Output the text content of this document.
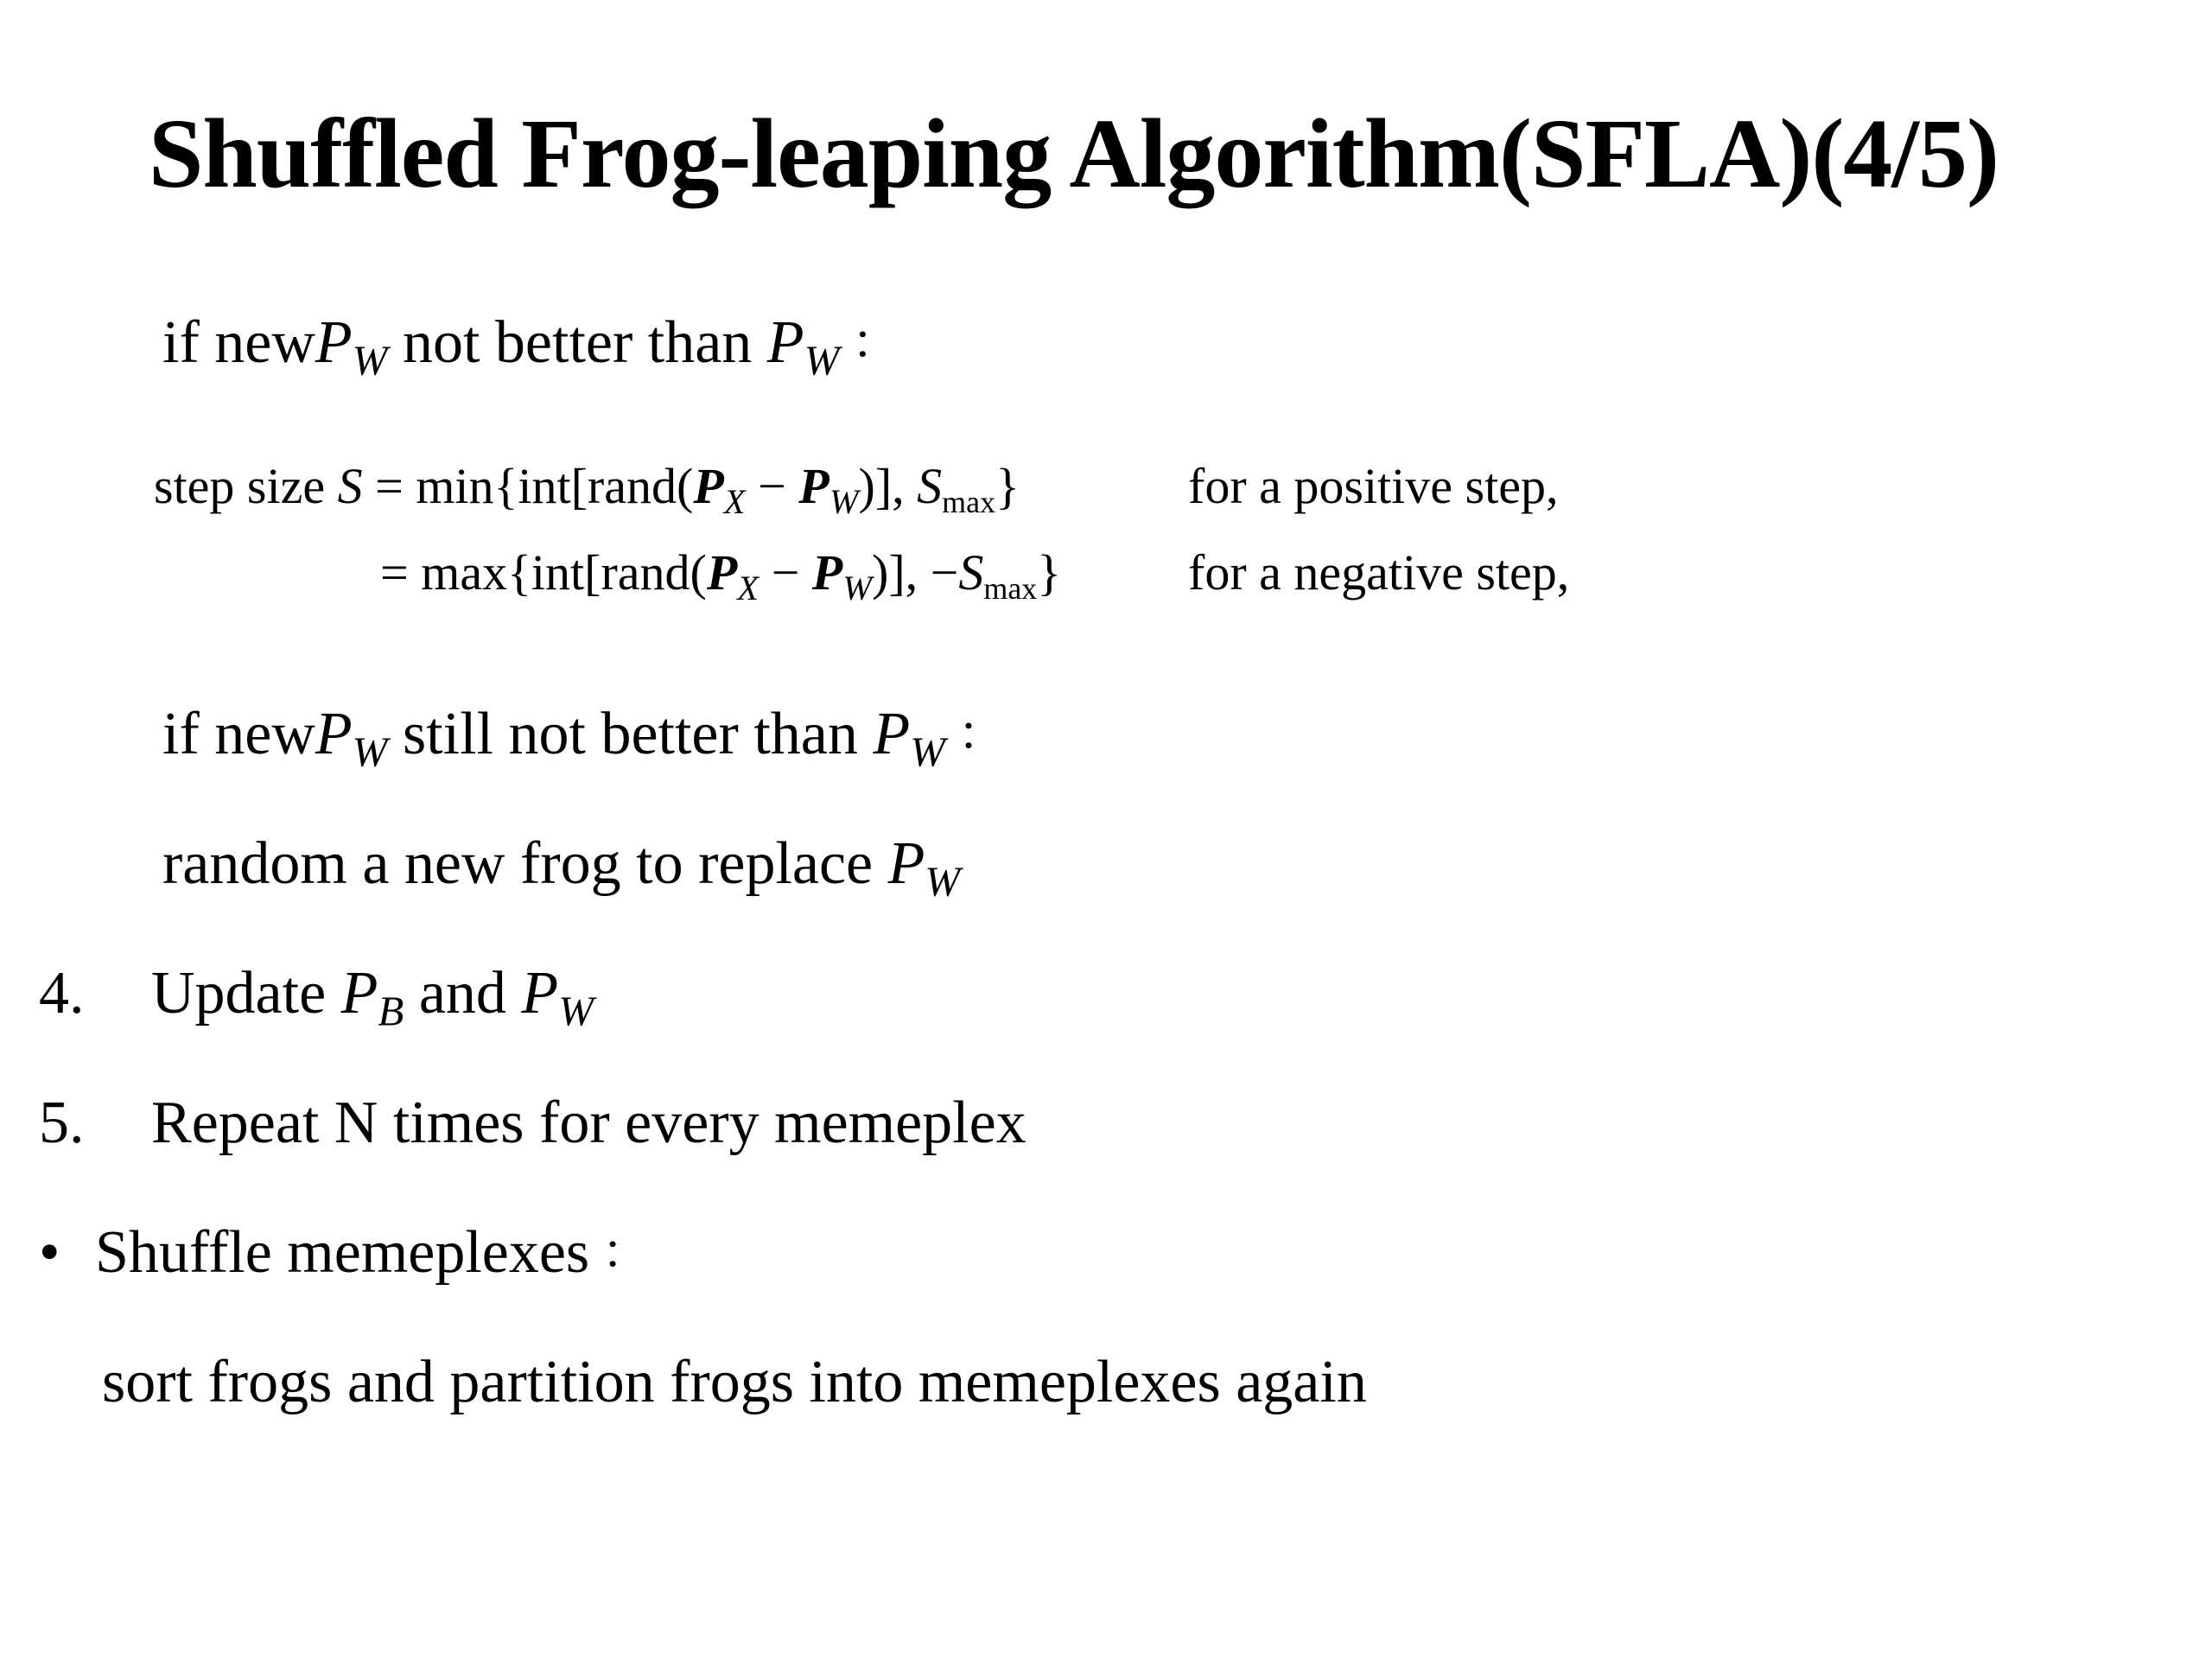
Shuffled Frog-leaping Algorithm(SFLA)(4/5)
if newP$_W$ not better than $P_W$ ：
step size $S = \min\{int[rand(P_X - P_W)]$, $S_{max}$}	for a positive step,
= $\max\{int[rand(P_X - P_W)]$, $-S_{max}$}	for a negative step,
if newP$_W$ still not better than $P_W$ ：
random a new frog to replace $P_W$
4. Update $P_B$ and $P_W$
5. Repeat N times for every memeplex
• Shuffle memeplexes ：
sort frogs and partition frogs into memeplexes again
